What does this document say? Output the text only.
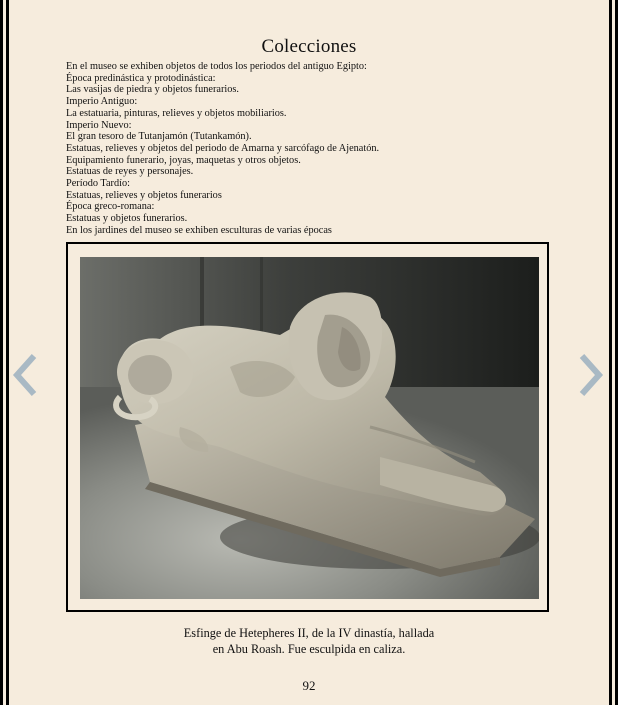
Colecciones
En el museo se exhiben objetos de todos los periodos del antiguo Egipto:
Época predinástica y protodinástica:
Las vasijas de piedra y objetos funerarios.
Imperio Antiguo:
La estatuaria, pinturas, relieves y objetos mobiliarios.
Imperio Nuevo:
El gran tesoro de Tutanjamón (Tutankamón).
Estatuas, relieves y objetos del periodo de Amarna y sarcófago de Ajenatón.
Equipamiento funerario, joyas, maquetas y otros objetos.
Estatuas de reyes y personajes.
Período Tardío:
Estatuas, relieves y objetos funerarios
Época greco-romana:
Estatuas y objetos funerarios.
En los jardines del museo se exhiben esculturas de varias épocas
Esfinge de Hetepheres II, de la IV dinastía, hallada
en Abu Roash. Fue esculpida en caliza.
92
